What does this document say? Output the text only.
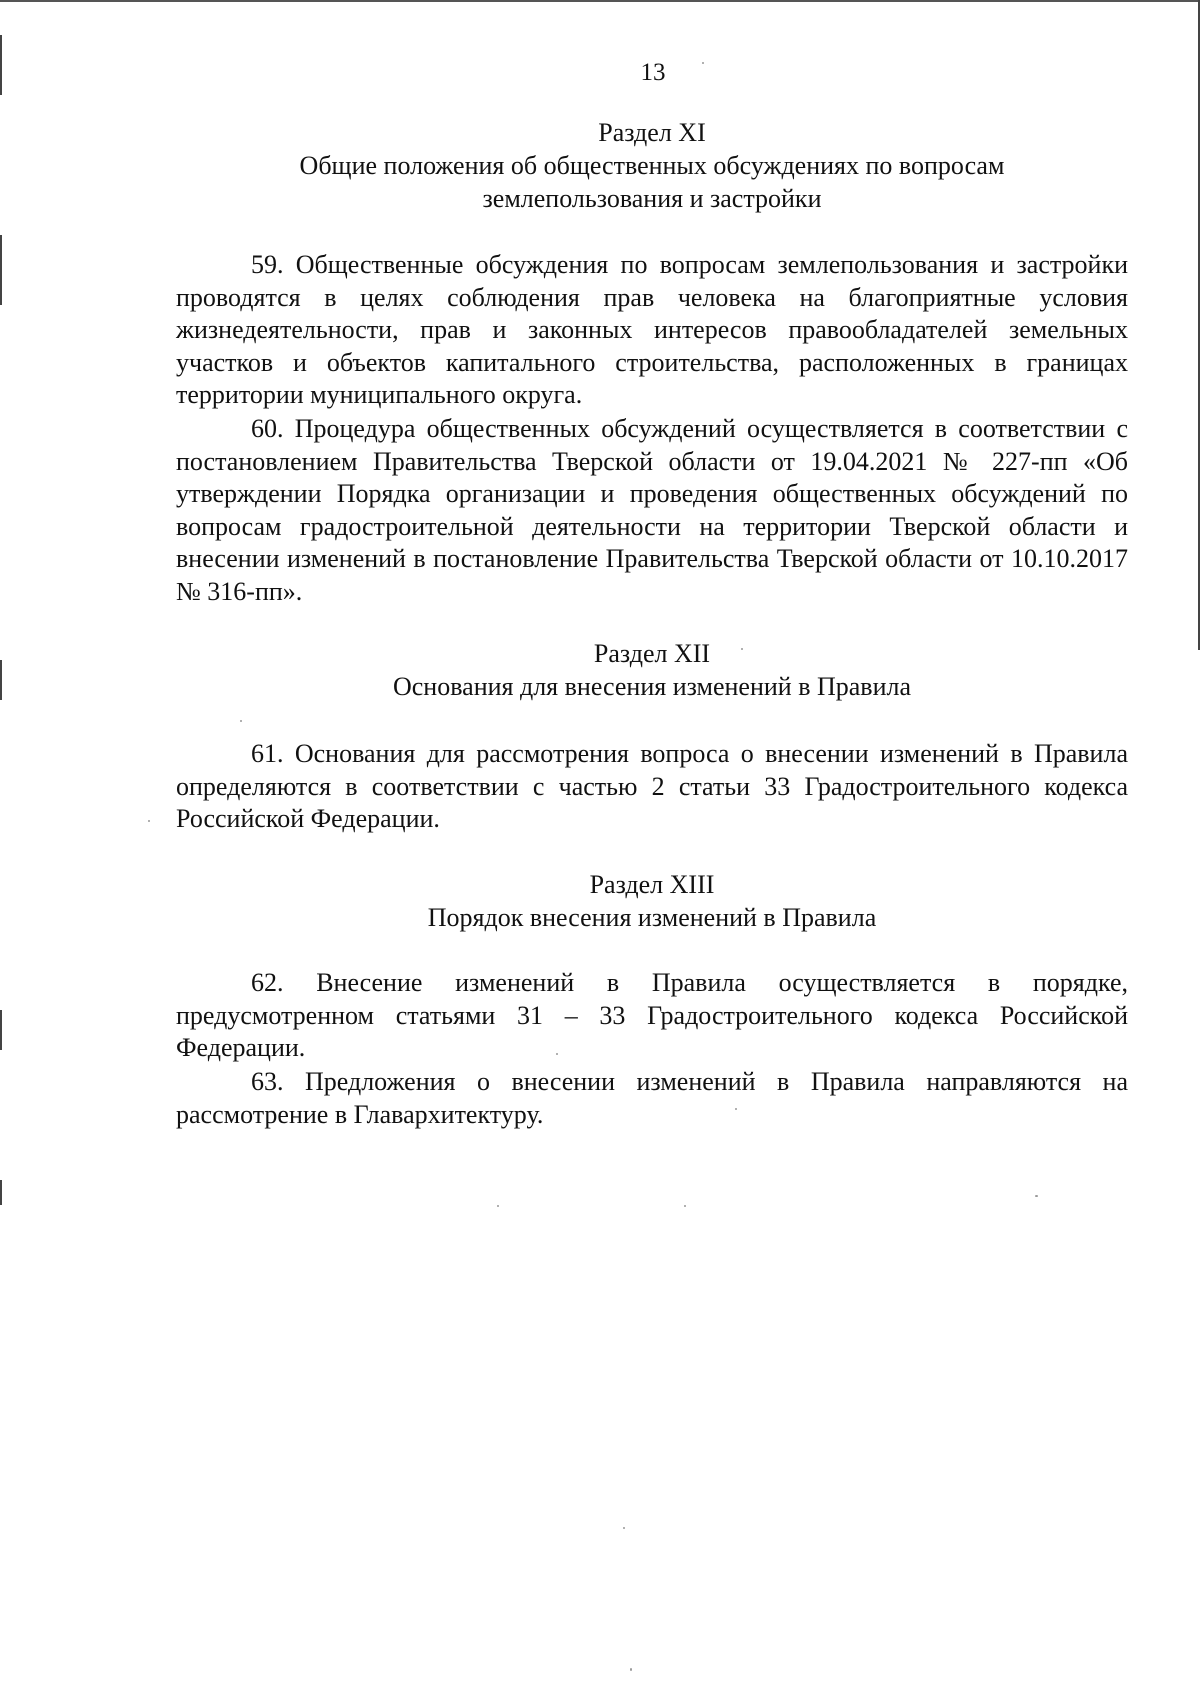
13
Раздел XI
Общие положения об общественных обсуждениях по вопросам
землепользования и застройки

59. Общественные обсуждения по вопросам землепользования и застройки проводятся в целях соблюдения прав человека на благоприятные условия жизнедеятельности, прав и законных интересов правообладателей земельных участков и объектов капитального строительства, расположенных в границах территории муниципального округа.

60. Процедура общественных обсуждений осуществляется в соответствии с постановлением Правительства Тверской области от 19.04.2021 № 227-пп «Об утверждении Порядка организации и проведения общественных обсуждений по вопросам градостроительной деятельности на территории Тверской области и внесении изменений в постановление Правительства Тверской области от 10.10.2017 № 316-пп».

Раздел XII
Основания для внесения изменений в Правила

61. Основания для рассмотрения вопроса о внесении изменений в Правила определяются в соответствии с частью 2 статьи 33 Градостроительного кодекса Российской Федерации.

Раздел XIII
Порядок внесения изменений в Правила

62. Внесение изменений в Правила осуществляется в порядке, предусмотренном статьями 31 – 33 Градостроительного кодекса Российской Федерации.

63. Предложения о внесении изменений в Правила направляются на рассмотрение в Главархитектуру.
